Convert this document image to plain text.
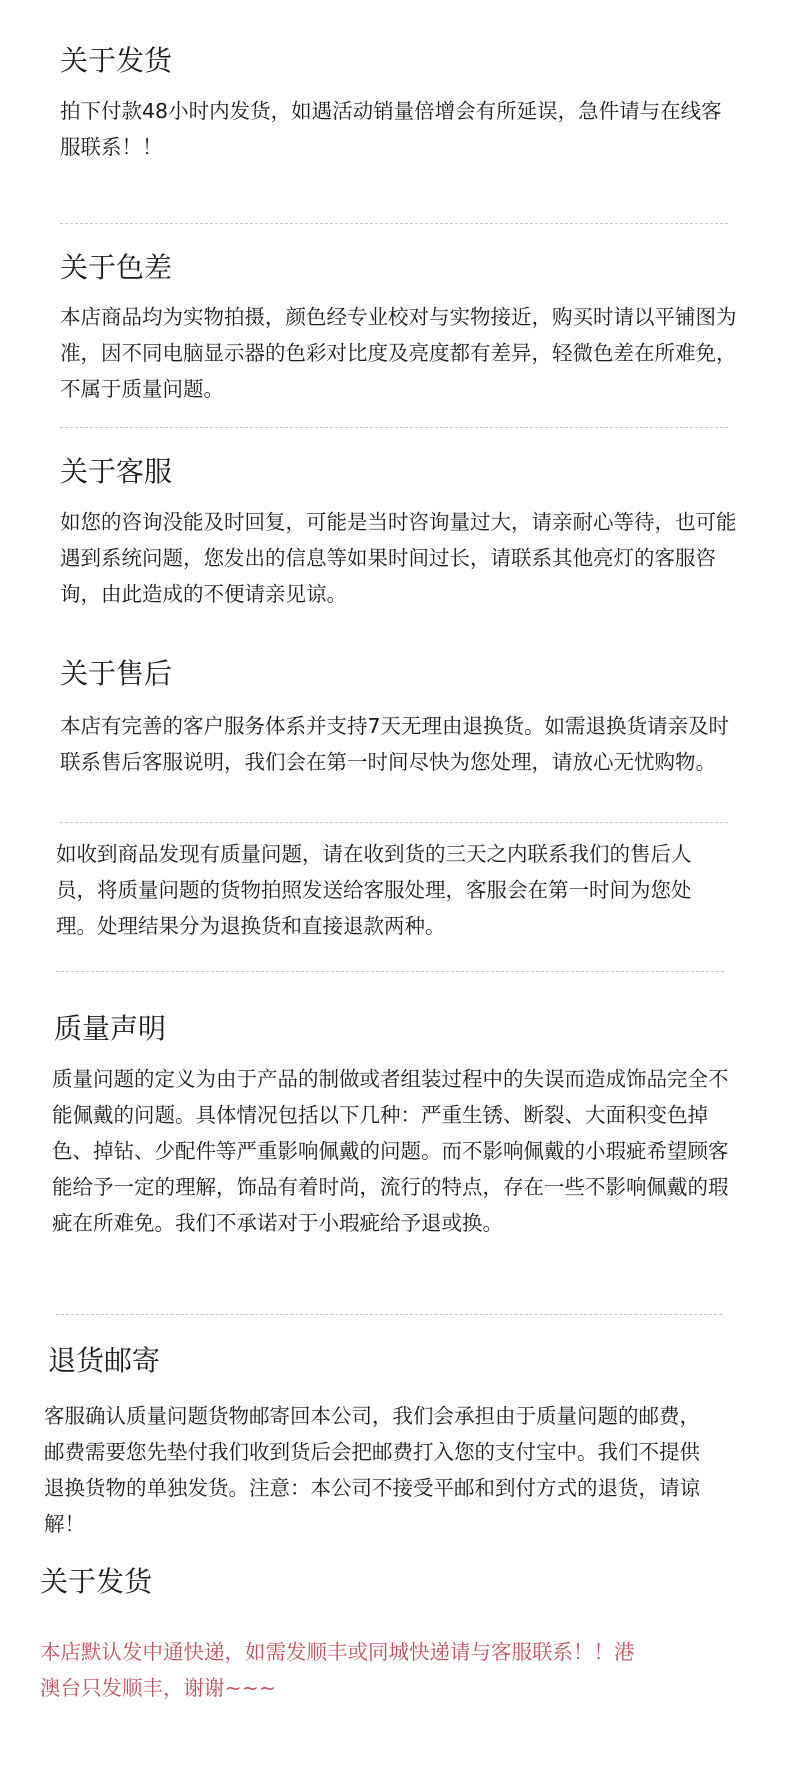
关于发货

拍下付款48小时内发货，如遇活动销量倍增会有所延误，急件请与在线客服联系！！

关于色差

本店商品均为实物拍摄，颜色经专业校对与实物接近，购买时请以平铺图为准，因不同电脑显示器的色彩对比度及亮度都有差异，轻微色差在所难免，不属于质量问题。

关于客服

如您的咨询没能及时回复，可能是当时咨询量过大，请亲耐心等待，也可能遇到系统问题，您发出的信息等如果时间过长，请联系其他亮灯的客服咨询，由此造成的不便请亲见谅。

关于售后

本店有完善的客户服务体系并支持7天无理由退换货。如需退换货请亲及时联系售后客服说明，我们会在第一时间尽快为您处理，请放心无忧购物。

如收到商品发现有质量问题，请在收到货的三天之内联系我们的售后人员，将质量问题的货物拍照发送给客服处理，客服会在第一时间为您处理。处理结果分为退换货和直接退款两种。

质量声明

质量问题的定义为由于产品的制做或者组装过程中的失误而造成饰品完全不能佩戴的问题。具体情况包括以下几种：严重生锈、断裂、大面积变色掉色、掉钻、少配件等严重影响佩戴的问题。而不影响佩戴的小瑕疵希望顾客能给予一定的理解，饰品有着时尚，流行的特点，存在一些不影响佩戴的瑕疵在所难免。我们不承诺对于小瑕疵给予退或换。

退货邮寄

客服确认质量问题货物邮寄回本公司，我们会承担由于质量问题的邮费，邮费需要您先垫付我们收到货后会把邮费打入您的支付宝中。我们不提供退换货物的单独发货。注意：本公司不接受平邮和到付方式的退货，请谅解！

关于发货

本店默认发中通快递，如需发顺丰或同城快递请与客服联系！！港澳台只发顺丰，谢谢~~~
